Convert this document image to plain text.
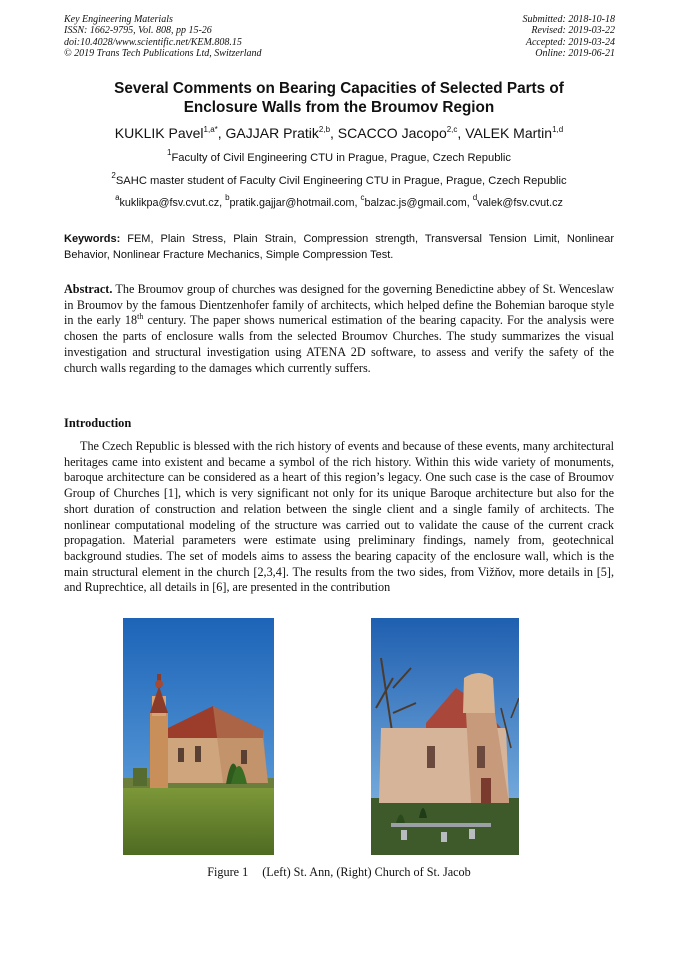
Key Engineering Materials
ISSN: 1662-9795, Vol. 808, pp 15-26
doi:10.4028/www.scientific.net/KEM.808.15
© 2019 Trans Tech Publications Ltd, Switzerland
Submitted: 2018-10-18
Revised: 2019-03-22
Accepted: 2019-03-24
Online: 2019-06-21
Several Comments on Bearing Capacities of Selected Parts of
Enclosure Walls from the Broumov Region
KUKLIK Pavel$^{1,a*}$, GAJJAR Pratik$^{2,b}$, SCACCO Jacopo$^{2,c}$, VALEK Martin$^{1,d}$
$^1$Faculty of Civil Engineering CTU in Prague, Prague, Czech Republic
$^2$SAHC master student of Faculty Civil Engineering CTU in Prague, Prague, Czech Republic
$^a$kuklikpa@fsv.cvut.cz, $^b$pratik.gajjar@hotmail.com, $^c$balzac.js@gmail.com, $^d$valek@fsv.cvut.cz
Keywords: FEM, Plain Stress, Plain Strain, Compression strength, Transversal Tension Limit, Nonlinear Behavior, Nonlinear Fracture Mechanics, Simple Compression Test.
Abstract. The Broumov group of churches was designed for the governing Benedictine abbey of St. Wenceslaw in Broumov by the famous Dientzenhofer family of architects, which helped define the Bohemian baroque style in the early 18th century. The paper shows numerical estimation of the bearing capacity. For the analysis were chosen the parts of enclosure walls from the selected Broumov Churches. The study summarizes the visual investigation and structural investigation using ATENA 2D software, to assess and verify the safety of the church walls regarding to the damages which currently suffers.
Introduction
The Czech Republic is blessed with the rich history of events and because of these events, many architectural heritages came into existent and became a symbol of the rich history. Within this wide variety of monuments, baroque architecture can be considered as a heart of this region’s legacy. One such case is the case of Broumov Group of Churches [1], which is very significant not only for its unique Baroque architecture but also for the short duration of construction and relation between the single client and a single family of architects. The nonlinear computational modeling of the structure was carried out to validate the cause of the current crack propagation. Material parameters were estimate using preliminary findings, namely from, geotechnical background studies. The set of models aims to assess the bearing capacity of the enclosure wall, which is the main structural element in the church [2,3,4]. The results from the two sides, from Vižňov, more details in [5], and Ruprechtice, all details in [6], are presented in the contribution
Figure 1 (Left) St. Ann, (Right) Church of St. Jacob
